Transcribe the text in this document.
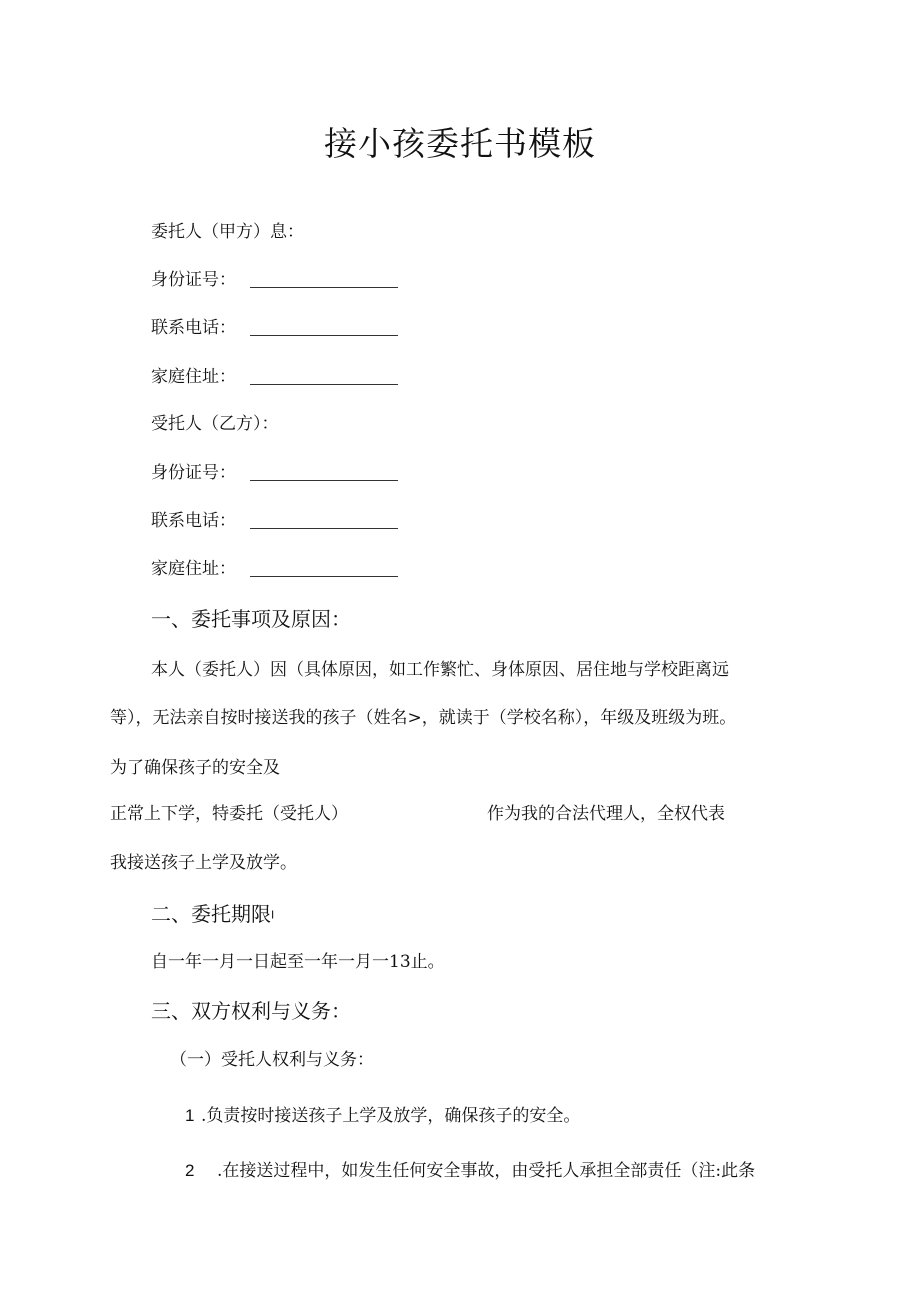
接小孩委托书模板
委托人（甲方）息：
身份证号：
联系电话：
家庭住址：
受托人（乙方）：
身份证号：
联系电话：
家庭住址：
一、委托事项及原因：
本人（委托人）因（具体原因，如工作繁忙、身体原因、居住地与学校距离远
等），无法亲自按时接送我的孩子（姓名>，就读于（学校名称），年级及班级为班。
为了确保孩子的安全及
正常上下学，特委托（受托人）	作为我的合法代理人，全权代表
我接送孩子上学及放学。
二、委托期限I
自一年一月一日起至一年一月一13止。
三、双方权利与义务：
（一）受托人权利与义务：
1 .负责按时接送孩子上学及放学，确保孩子的安全。
2 .在接送过程中，如发生任何安全事故，由受托人承担全部责任（注:此条
